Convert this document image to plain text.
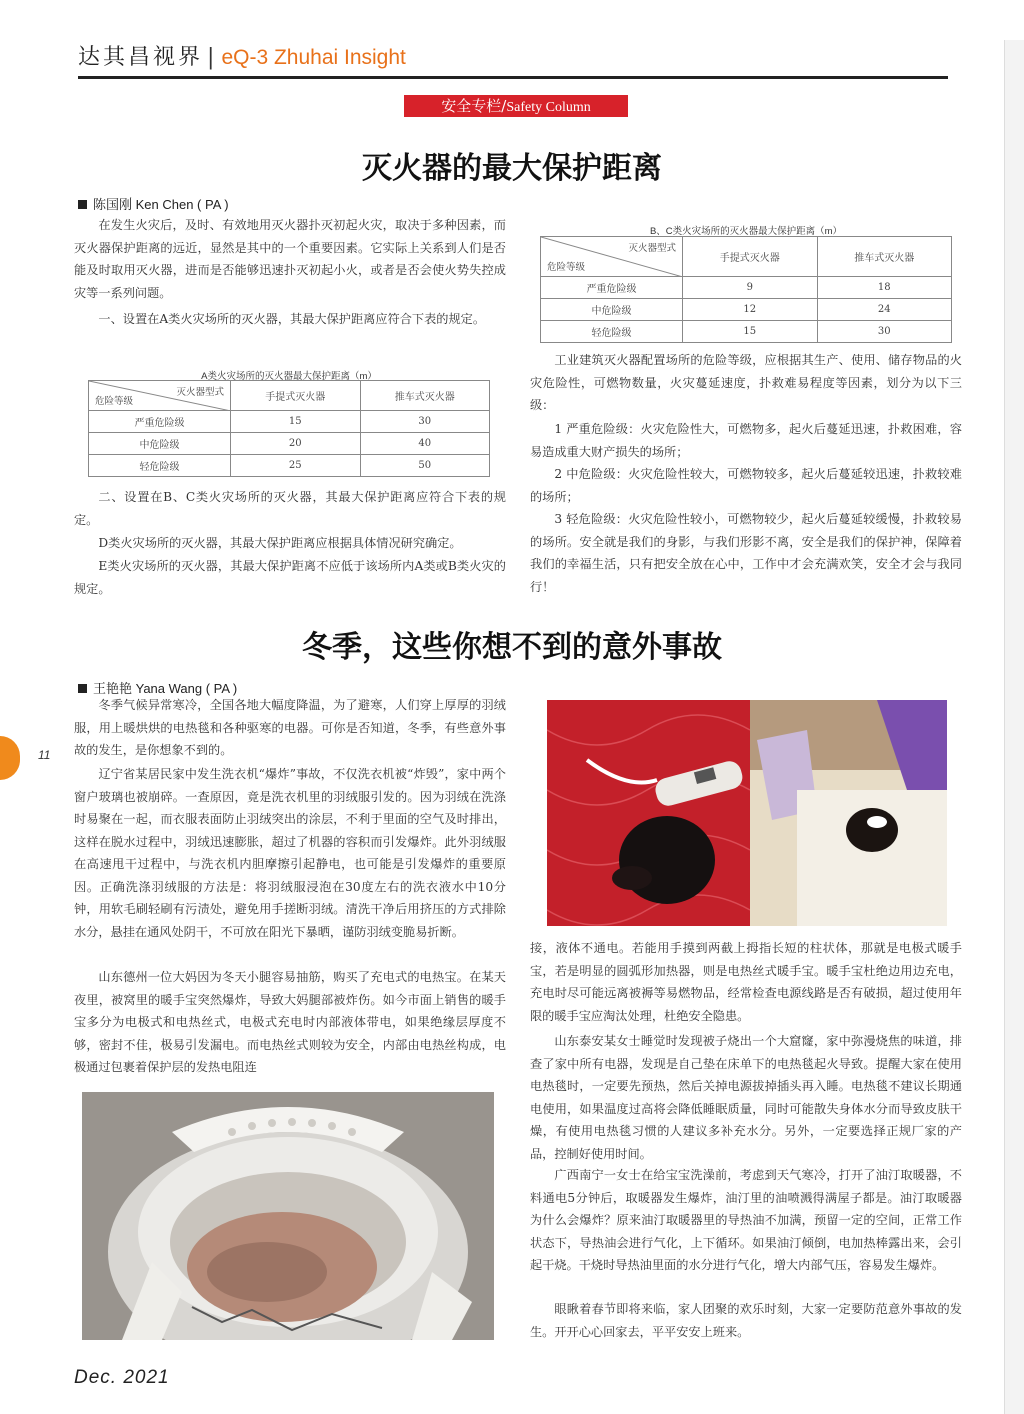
达其昌视界 | eQ-3 Zhuhai Insight
安全专栏/Safety Column
灭火器的最大保护距离
陈国刚 Ken Chen ( PA )
在发生火灾后，及时、有效地用灭火器扑灭初起火灾，取决于多种因素，而灭火器保护距离的远近，显然是其中的一个重要因素。它实际上关系到人们是否能及时取用灭火器，进而是否能够迅速扑灭初起小火，或者是否会使火势失控成灾等一系列问题。
一、设置在A类火灾场所的灭火器，其最大保护距离应符合下表的规定。
A类火灾场所的灭火器最大保护距离（m）
灭火器型式
危险等级	手提式灭火器	推车式灭火器
严重危险级	15	30
中危险级	20	40
轻危险级	25	50
二、设置在B、C类火灾场所的灭火器，其最大保护距离应符合下表的规定。
D类火灾场所的灭火器，其最大保护距离应根据具体情况研究确定。
E类火灾场所的灭火器，其最大保护距离不应低于该场所内A类或B类火灾的规定。
B、C类火灾场所的灭火器最大保护距离（m）
灭火器型式
危险等级	手提式灭火器	推车式灭火器
严重危险级	9	18
中危险级	12	24
轻危险级	15	30
工业建筑灭火器配置场所的危险等级，应根据其生产、使用、储存物品的火灾危险性，可燃物数量，火灾蔓延速度，扑救难易程度等因素，划分为以下三级：
1 严重危险级：火灾危险性大，可燃物多，起火后蔓延迅速，扑救困难，容易造成重大财产损失的场所；
2 中危险级：火灾危险性较大，可燃物较多，起火后蔓延较迅速，扑救较难的场所；
3 轻危险级：火灾危险性较小，可燃物较少，起火后蔓延较缓慢，扑救较易的场所。安全就是我们的身影，与我们形影不离，安全是我们的保护神，保障着我们的幸福生活，只有把安全放在心中，工作中才会充满欢笑，安全才会与我同行！
冬季，这些你想不到的意外事故
王艳艳 Yana Wang ( PA )
冬季气候异常寒冷，全国各地大幅度降温，为了避寒，人们穿上厚厚的羽绒服，用上暖烘烘的电热毯和各种驱寒的电器。可你是否知道，冬季，有些意外事故的发生，是你想象不到的。
辽宁省某居民家中发生洗衣机“爆炸”事故，不仅洗衣机被“炸毁”，家中两个窗户玻璃也被崩碎。一查原因，竟是洗衣机里的羽绒服引发的。因为羽绒在洗涤时易聚在一起，而衣服表面防止羽绒突出的涂层，不利于里面的空气及时排出，这样在脱水过程中，羽绒迅速膨胀，超过了机器的容积而引发爆炸。此外羽绒服在高速甩干过程中，与洗衣机内胆摩擦引起静电，也可能是引发爆炸的重要原因。正确洗涤羽绒服的方法是：将羽绒服浸泡在30度左右的洗衣液水中10分钟，用软毛刷轻刷有污渍处，避免用手搓断羽绒。清洗干净后用挤压的方式排除水分，悬挂在通风处阴干，不可放在阳光下暴晒，谨防羽绒变脆易折断。
山东德州一位大妈因为冬天小腿容易抽筋，购买了充电式的电热宝。在某天夜里，被窝里的暖手宝突然爆炸，导致大妈腿部被炸伤。如今市面上销售的暖手宝多分为电极式和电热丝式，电极式充电时内部液体带电，如果绝缘层厚度不够，密封不佳，极易引发漏电。而电热丝式则较为安全，内部由电热丝构成，电极通过包裹着保护层的发热电阻连
接，液体不通电。若能用手摸到两截上拇指长短的柱状体，那就是电极式暖手宝，若是明显的圆弧形加热器，则是电热丝式暖手宝。暖手宝杜绝边用边充电，充电时尽可能远离被褥等易燃物品，经常检查电源线路是否有破损，超过使用年限的暖手宝应淘汰处理，杜绝安全隐患。
山东泰安某女士睡觉时发现被子烧出一个大窟窿，家中弥漫烧焦的味道，排查了家中所有电器，发现是自己垫在床单下的电热毯起火导致。提醒大家在使用电热毯时，一定要先预热，然后关掉电源拔掉插头再入睡。电热毯不建议长期通电使用，如果温度过高将会降低睡眠质量，同时可能散失身体水分而导致皮肤干燥，有使用电热毯习惯的人建议多补充水分。另外，一定要选择正规厂家的产品，控制好使用时间。
广西南宁一女士在给宝宝洗澡前，考虑到天气寒冷，打开了油汀取暖器，不料通电5分钟后，取暖器发生爆炸，油汀里的油喷溅得满屋子都是。油汀取暖器为什么会爆炸？原来油汀取暖器里的导热油不加满，预留一定的空间，正常工作状态下，导热油会进行气化，上下循环。如果油汀倾倒，电加热棒露出来，会引起干烧。干烧时导热油里面的水分进行气化，增大内部气压，容易发生爆炸。
眼瞅着春节即将来临，家人团聚的欢乐时刻，大家一定要防范意外事故的发生。开开心心回家去，平平安安上班来。
11
Dec. 2021
